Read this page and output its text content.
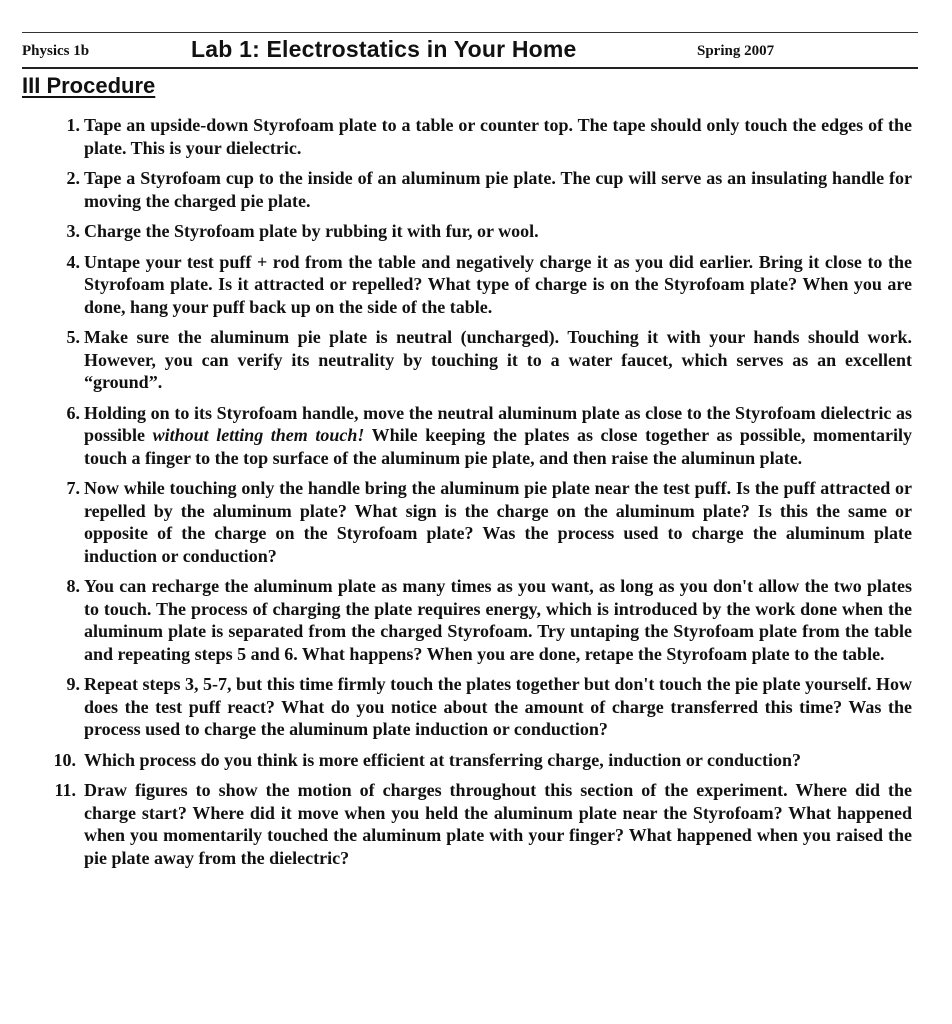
Physics 1b	Lab 1: Electrostatics in Your Home	Spring 2007
III Procedure
1. Tape an upside-down Styrofoam plate to a table or counter top. The tape should only touch the edges of the plate. This is your dielectric.
2. Tape a Styrofoam cup to the inside of an aluminum pie plate. The cup will serve as an insulating handle for moving the charged pie plate.
3. Charge the Styrofoam plate by rubbing it with fur, or wool.
4. Untape your test puff + rod from the table and negatively charge it as you did earlier. Bring it close to the Styrofoam plate. Is it attracted or repelled? What type of charge is on the Styrofoam plate? When you are done, hang your puff back up on the side of the table.
5. Make sure the aluminum pie plate is neutral (uncharged). Touching it with your hands should work. However, you can verify its neutrality by touching it to a water faucet, which serves as an excellent “ground”.
6. Holding on to its Styrofoam handle, move the neutral aluminum plate as close to the Styrofoam dielectric as possible without letting them touch! While keeping the plates as close together as possible, momentarily touch a finger to the top surface of the aluminum pie plate, and then raise the aluminun plate.
7. Now while touching only the handle bring the aluminum pie plate near the test puff. Is the puff attracted or repelled by the aluminum plate? What sign is the charge on the aluminum plate? Is this the same or opposite of the charge on the Styrofoam plate? Was the process used to charge the aluminum plate induction or conduction?
8. You can recharge the aluminum plate as many times as you want, as long as you don't allow the two plates to touch. The process of charging the plate requires energy, which is introduced by the work done when the aluminum plate is separated from the charged Styrofoam. Try untaping the Styrofoam plate from the table and repeating steps 5 and 6. What happens? When you are done, retape the Styrofoam plate to the table.
9. Repeat steps 3, 5-7, but this time firmly touch the plates together but don't touch the pie plate yourself. How does the test puff react? What do you notice about the amount of charge transferred this time? Was the process used to charge the aluminum plate induction or conduction?
10. Which process do you think is more efficient at transferring charge, induction or conduction?
11. Draw figures to show the motion of charges throughout this section of the experiment. Where did the charge start? Where did it move when you held the aluminum plate near the Styrofoam? What happened when you momentarily touched the aluminum plate with your finger? What happened when you raised the pie plate away from the dielectric?
